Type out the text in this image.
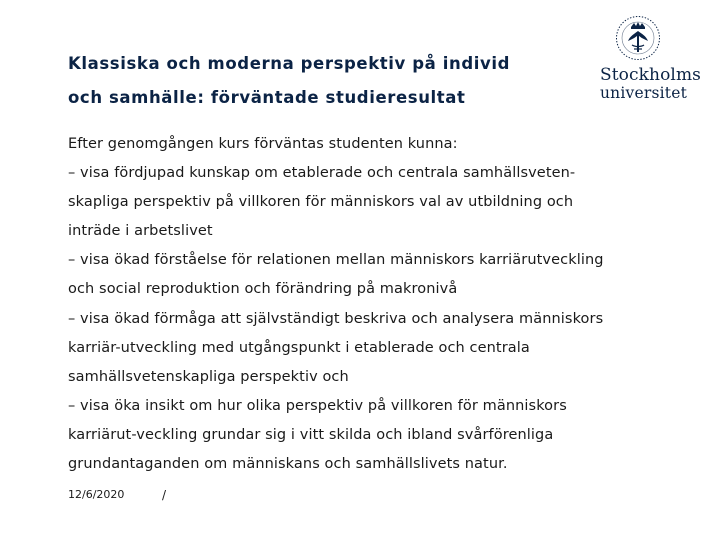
Klassiska och moderna perspektiv på individ
och samhälle: förväntade studieresultat
Stockholms
universitet

Efter genomgången kurs förväntas studenten kunna:

– visa fördjupad kunskap om etablerade och centrala samhällsveten-

skapliga perspektiv på villkoren för människors val av utbildning och

inträde i arbetslivet

– visa ökad förståelse för relationen mellan människors karriärutveckling

och social reproduktion och förändring på makronivå

– visa ökad förmåga att självständigt beskriva och analysera människors

karriär-utveckling med utgångspunkt i etablerade och centrala

samhällsvetenskapliga perspektiv och

– visa öka insikt om hur olika perspektiv på villkoren för människors

karriärut-veckling grundar sig i vitt skilda och ibland svårförenliga

grundantaganden om människans och samhällslivets natur.

12/6/2020	/
